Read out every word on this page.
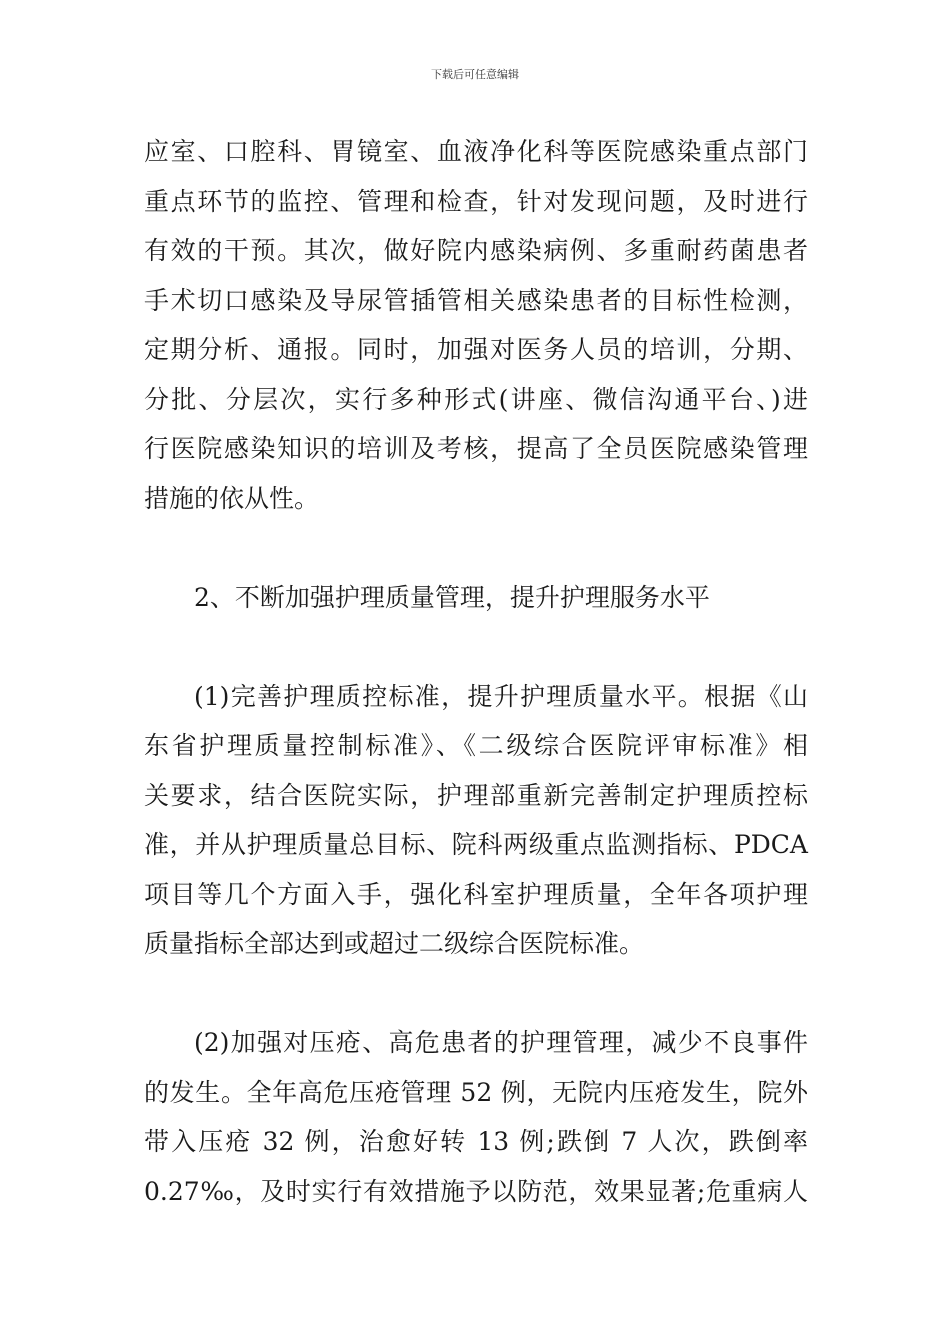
下载后可任意编辑
应室、口腔科、胃镜室、血液净化科等医院感染重点部门
重点环节的监控、管理和检查，针对发现问题，及时进行
有效的干预。其次，做好院内感染病例、多重耐药菌患者
手术切口感染及导尿管插管相关感染患者的目标性检测，
定期分析、通报。同时，加强对医务人员的培训，分期、
分批、分层次，实行多种形式(讲座、微信沟通平台、)进
行医院感染知识的培训及考核，提高了全员医院感染管理
措施的依从性。
2、不断加强护理质量管理，提升护理服务水平
(1)完善护理质控标准，提升护理质量水平。根据《山
东省护理质量控制标准》、《二级综合医院评审标准》相
关要求，结合医院实际，护理部重新完善制定护理质控标
准，并从护理质量总目标、院科两级重点监测指标、PDCA
项目等几个方面入手，强化科室护理质量，全年各项护理
质量指标全部达到或超过二级综合医院标准。
(2)加强对压疮、高危患者的护理管理，减少不良事件
的发生。全年高危压疮管理 52 例，无院内压疮发生，院外
带入压疮 32 例，治愈好转 13 例;跌倒 7 人次，跌倒率
0.27‰，及时实行有效措施予以防范，效果显著;危重病人
